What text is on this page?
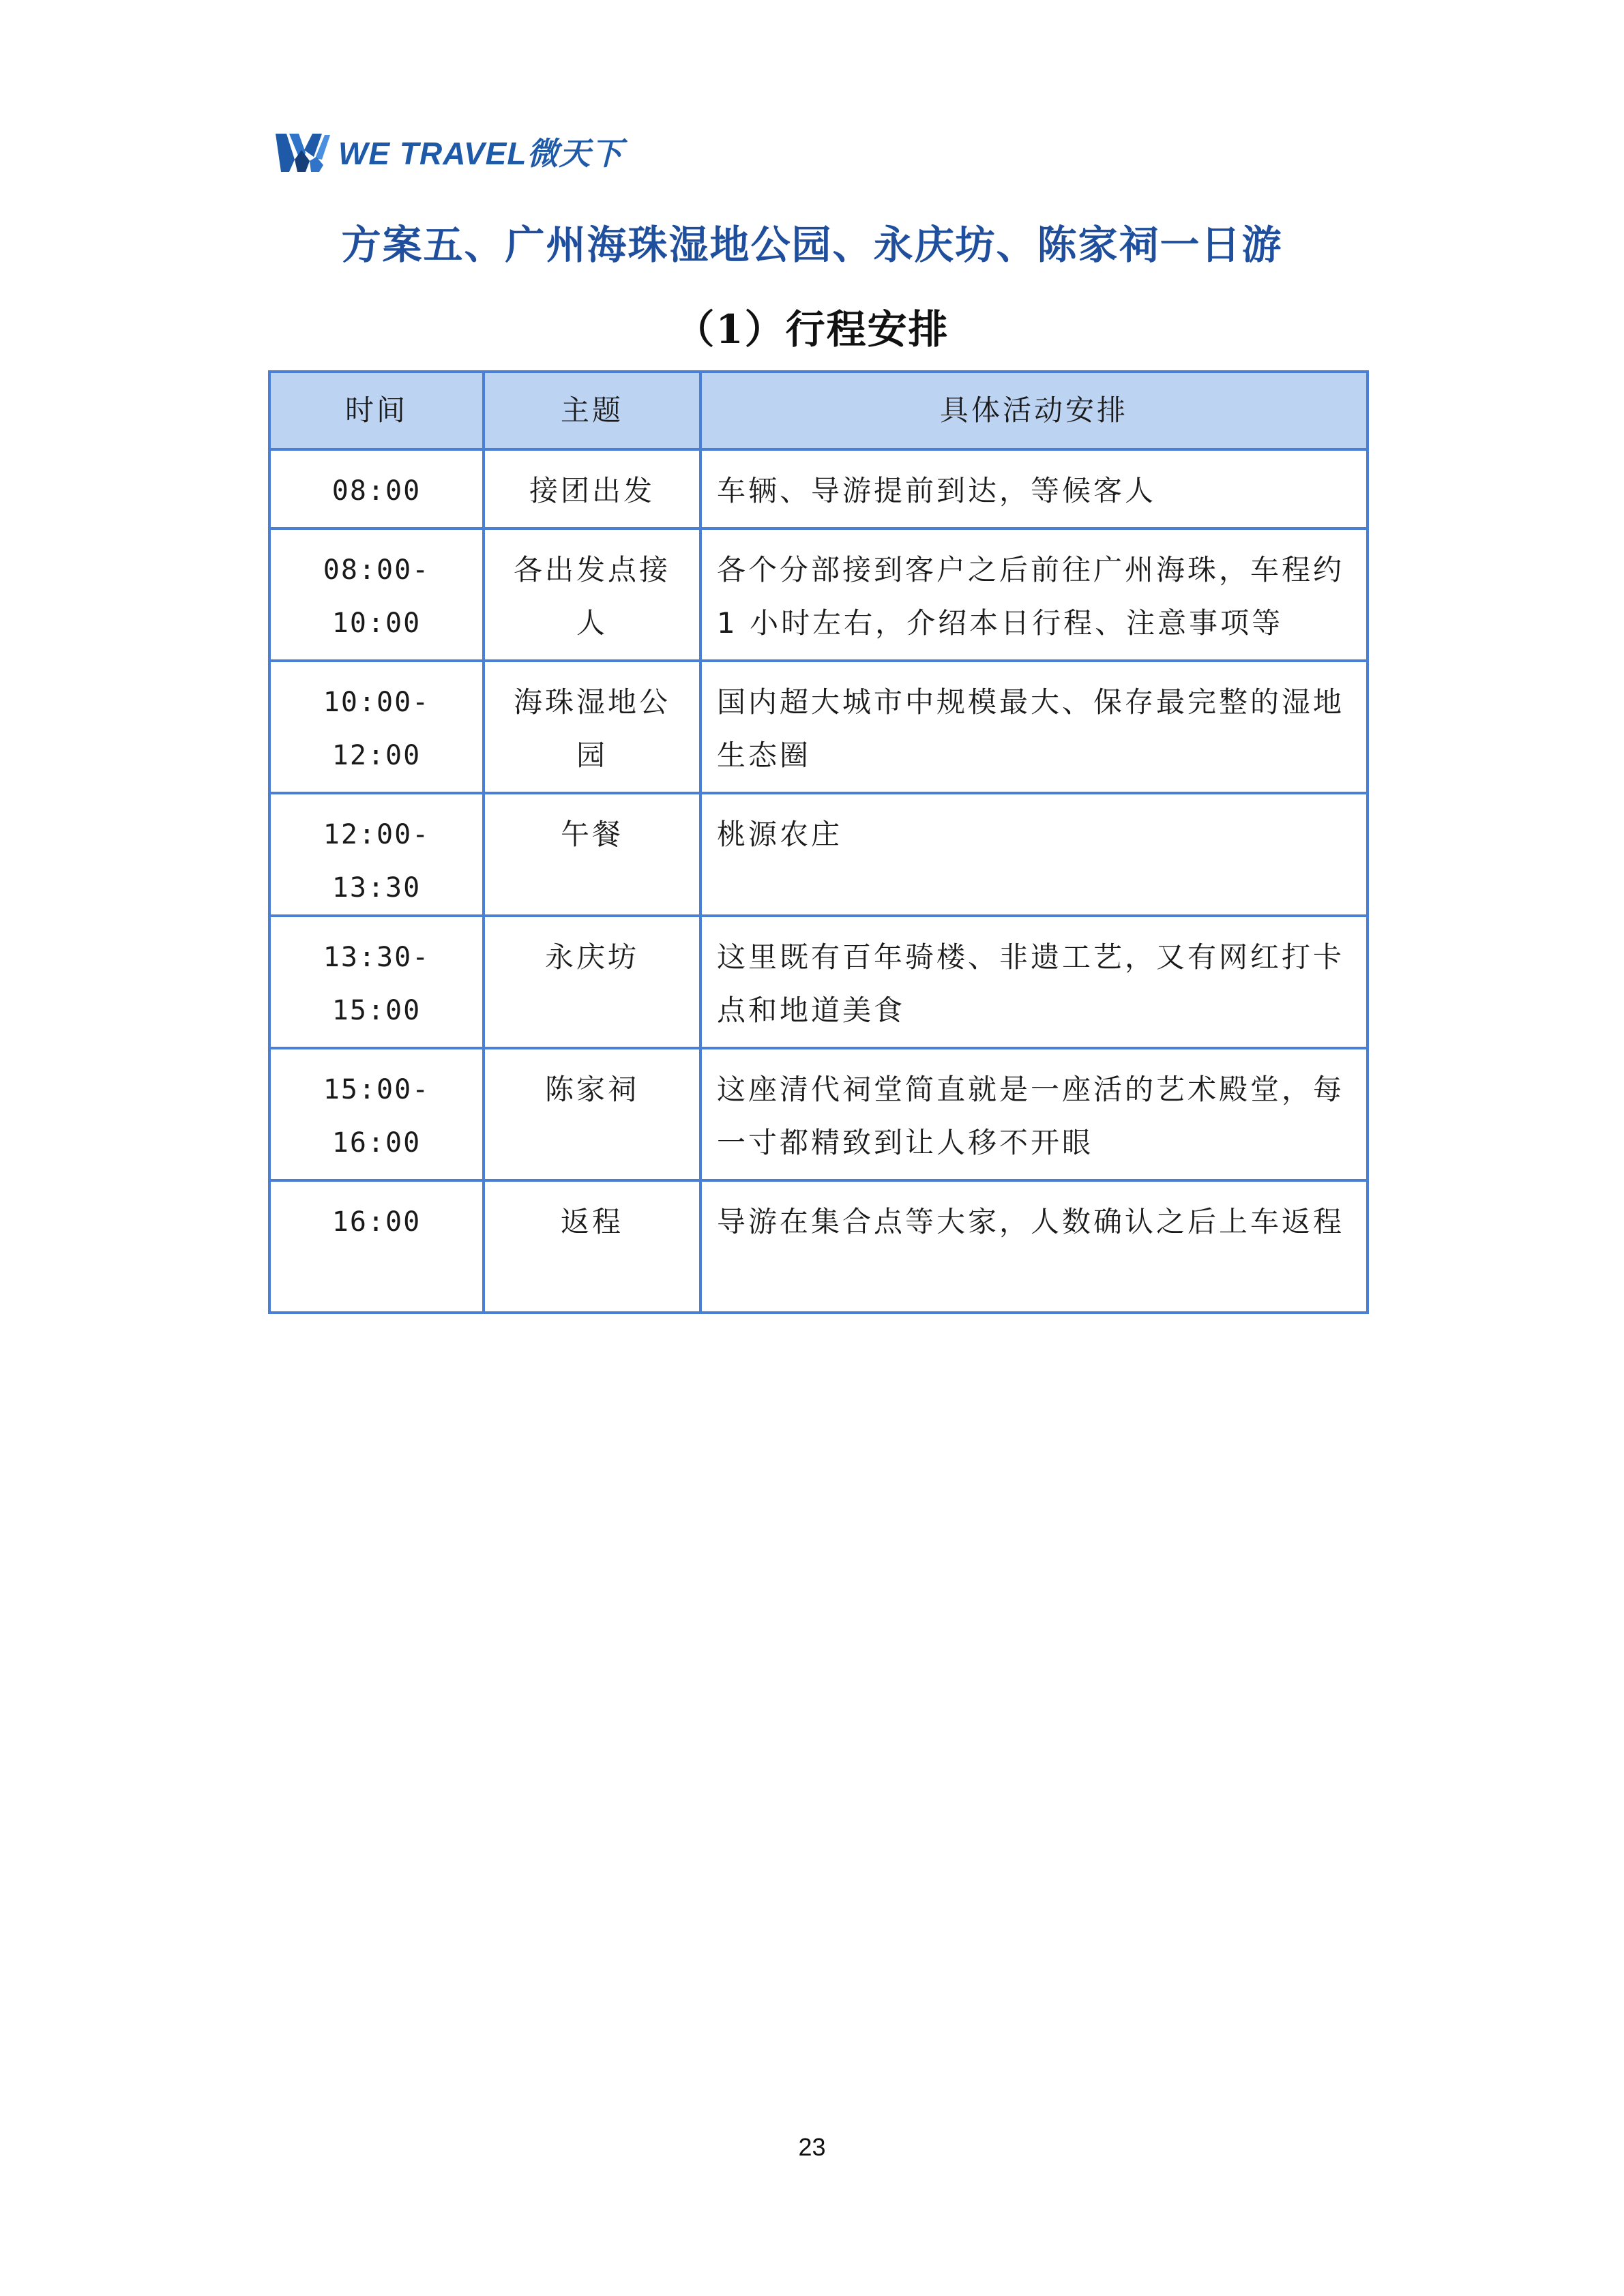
WE TRAVEL微天下
方案五、广州海珠湿地公园、永庆坊、陈家祠一日游
（1）行程安排
时间	主题	具体活动安排
08:00	接团出发	车辆、导游提前到达，等候客人
08:00-10:00	各出发点接人	各个分部接到客户之后前往广州海珠，车程约 1 小时左右，介绍本日行程、注意事项等
10:00-12:00	海珠湿地公园	国内超大城市中规模最大、保存最完整的湿地生态圈
12:00-13:30	午餐	桃源农庄
13:30-15:00	永庆坊	这里既有百年骑楼、非遗工艺，又有网红打卡点和地道美食
15:00-16:00	陈家祠	这座清代祠堂简直就是一座活的艺术殿堂，每一寸都精致到让人移不开眼
16:00	返程	导游在集合点等大家，人数确认之后上车返程
23
